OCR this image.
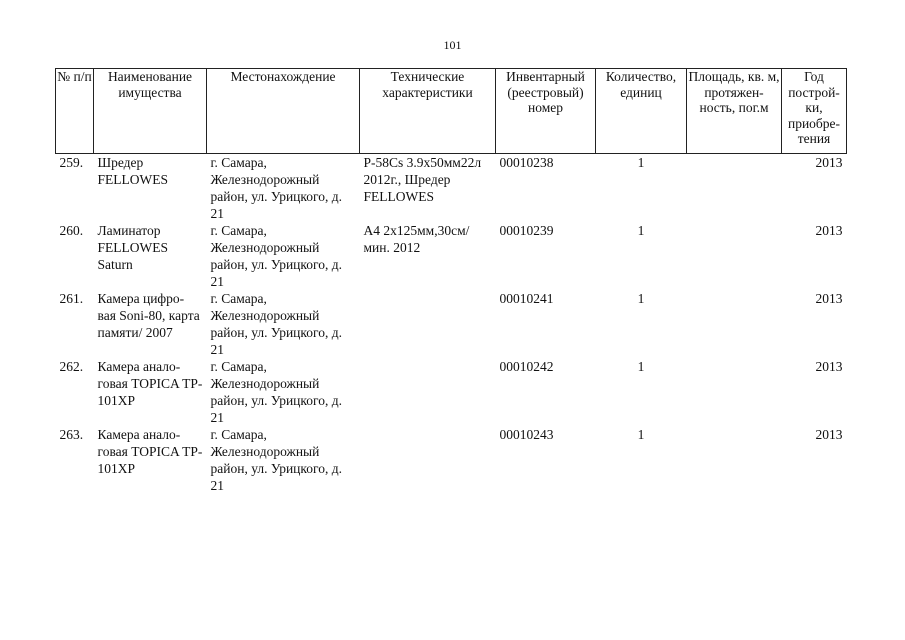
101
№ п/п	Наименование имущества	Местонахождение	Технические характеристики	Инвентарный (реестровый) номер	Количество, единиц	Площадь, кв. м, протяжен-ность, пог.м	Год построй-ки, приобре-тения
259.	Шредер FELLOWES	г. Самара, Железнодорожный район, ул. Урицкого, д. 21	P-58Cs 3.9х50мм22л 2012г., Шредер FELLOWES	00010238	1		2013
260.	Ламинатор FELLOWES Saturn	г. Самара, Железнодорожный район, ул. Урицкого, д. 21	A4 2х125мм,30см/мин. 2012	00010239	1		2013
261.	Камера цифро-вая Soni-80, карта памяти/ 2007	г. Самара, Железнодорожный район, ул. Урицкого, д. 21		00010241	1		2013
262.	Камера анало-говая TOPICA TP-101XP	г. Самара, Железнодорожный район, ул. Урицкого, д. 21		00010242	1		2013
263.	Камера анало-говая TOPICA TP-101XP	г. Самара, Железнодорожный район, ул. Урицкого, д. 21		00010243	1		2013
